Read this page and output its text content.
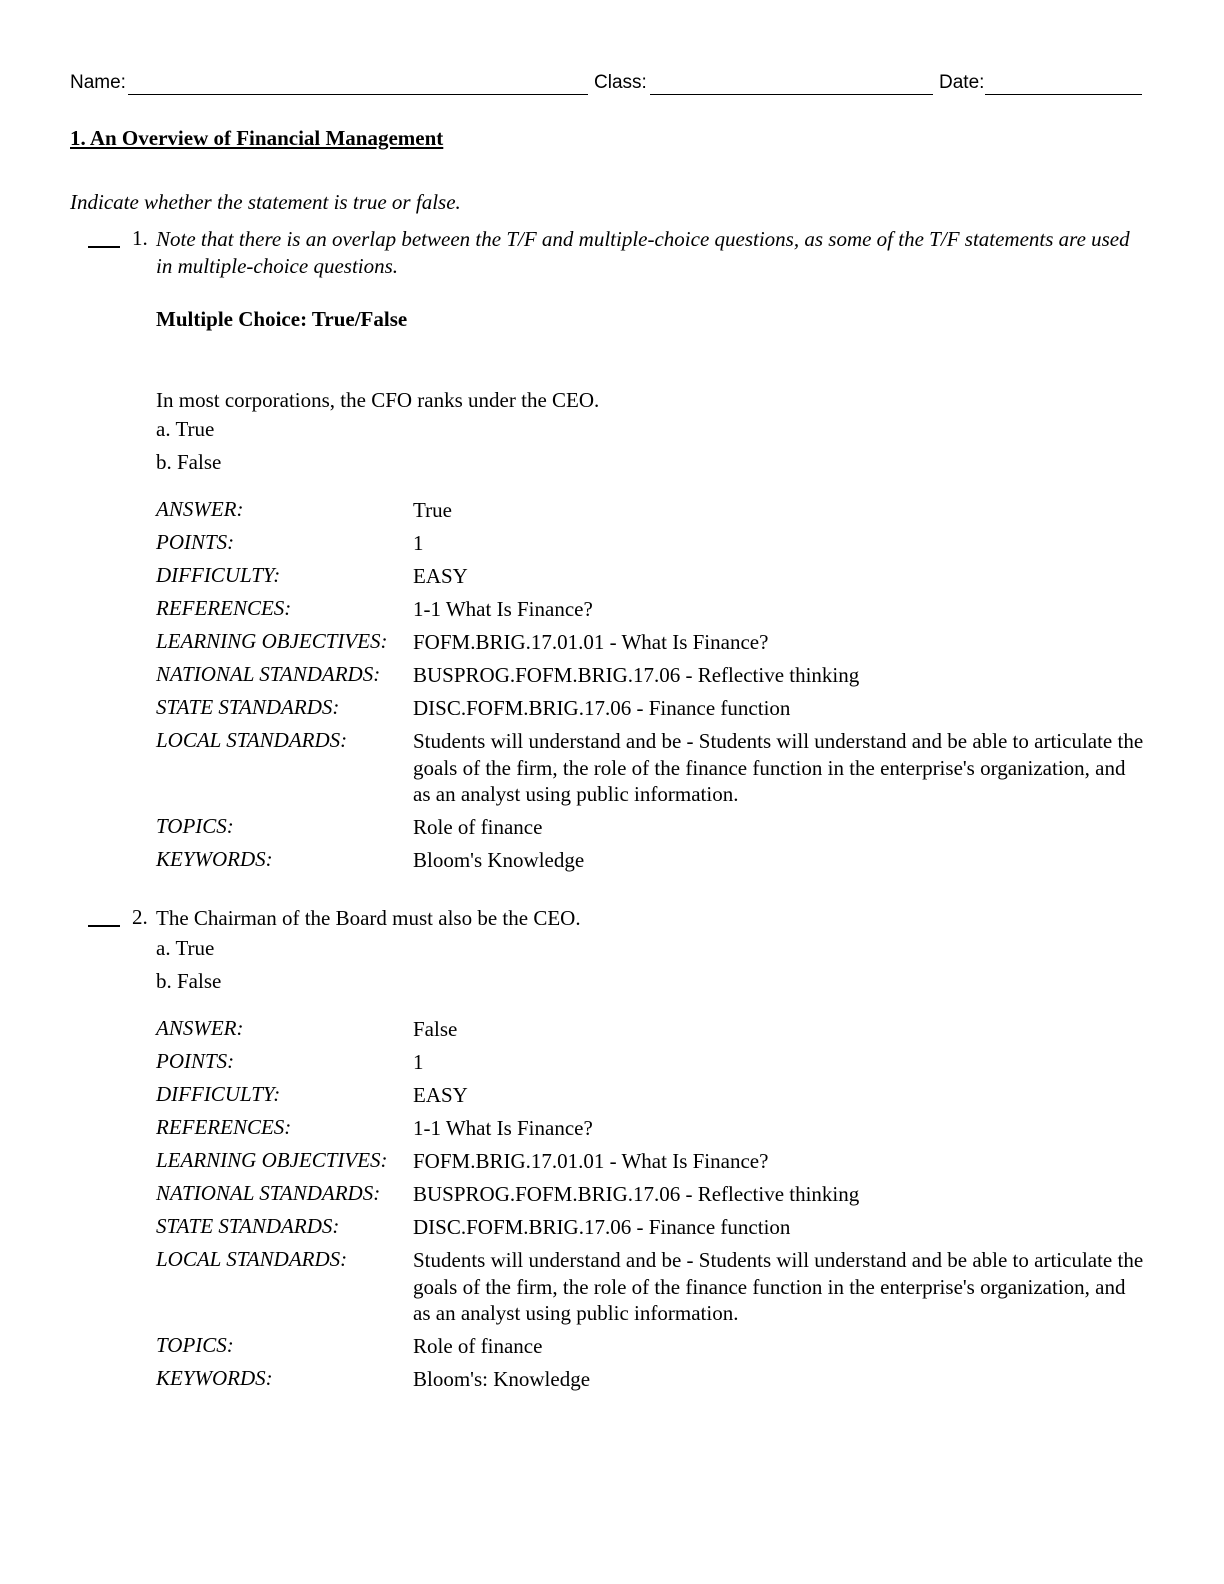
Name:	Class:	Date:
1. An Overview of Financial Management
Indicate whether the statement is true or false.
1. Note that there is an overlap between the T/F and multiple-choice questions, as some of the T/F statements are used in multiple-choice questions.
Multiple Choice: True/False
In most corporations, the CFO ranks under the CEO.
a. True
b. False
ANSWER:	True
POINTS:	1
DIFFICULTY:	EASY
REFERENCES:	1-1 What Is Finance?
LEARNING OBJECTIVES: FOFM.BRIG.17.01.01 - What Is Finance?
NATIONAL STANDARDS: BUSPROG.FOFM.BRIG.17.06 - Reflective thinking
STATE STANDARDS:	DISC.FOFM.BRIG.17.06 - Finance function
LOCAL STANDARDS:	Students will understand and be - Students will understand and be able to articulate the goals of the firm, the role of the finance function in the enterprise's organization, and as an analyst using public information.
TOPICS:	Role of finance
KEYWORDS:	Bloom's Knowledge
2. The Chairman of the Board must also be the CEO.
a. True
b. False
ANSWER:	False
POINTS:	1
DIFFICULTY:	EASY
REFERENCES:	1-1 What Is Finance?
LEARNING OBJECTIVES: FOFM.BRIG.17.01.01 - What Is Finance?
NATIONAL STANDARDS: BUSPROG.FOFM.BRIG.17.06 - Reflective thinking
STATE STANDARDS:	DISC.FOFM.BRIG.17.06 - Finance function
LOCAL STANDARDS:	Students will understand and be - Students will understand and be able to articulate the goals of the firm, the role of the finance function in the enterprise's organization, and as an analyst using public information.
TOPICS:	Role of finance
KEYWORDS:	Bloom's: Knowledge
